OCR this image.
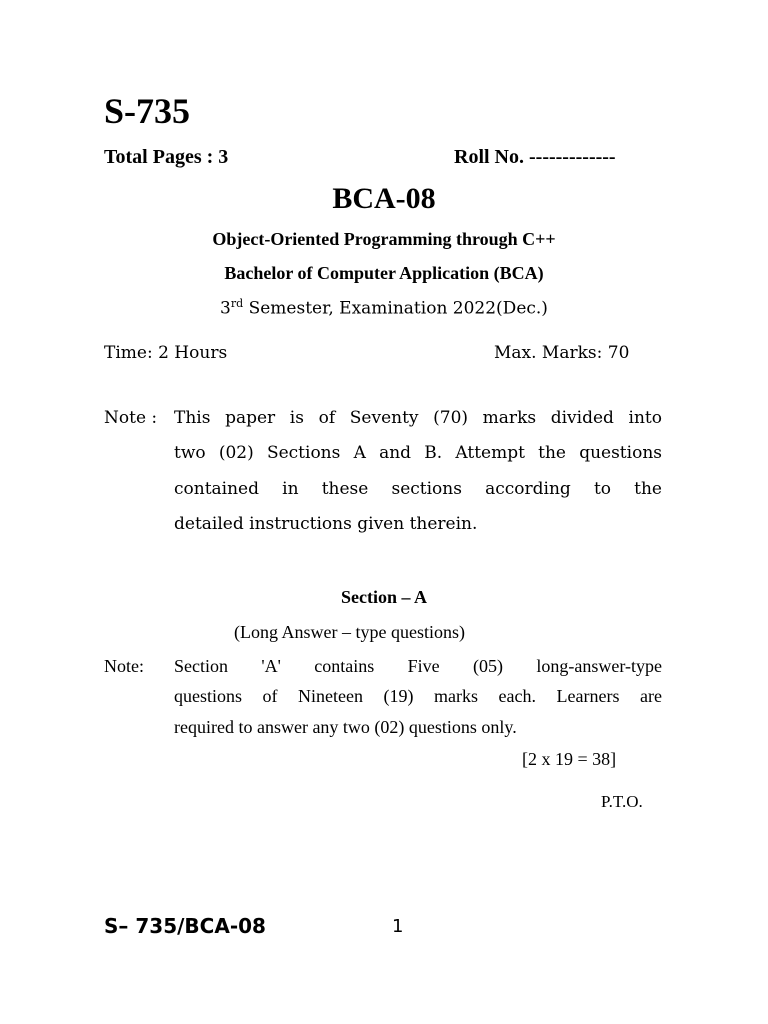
S-735
Total Pages : 3	Roll No. -------------
BCA-08
Object-Oriented Programming through C++
Bachelor of Computer Application (BCA)
3rd Semester, Examination 2022(Dec.)
Time: 2 Hours	Max. Marks: 70
Note : This paper is of Seventy (70) marks divided into
two (02) Sections A and B. Attempt the questions
contained in these sections according to the
detailed instructions given therein.
Section – A
(Long Answer – type questions)
Note: Section 'A' contains Five (05) long-answer-type
questions of Nineteen (19) marks each. Learners are
required to answer any two (02) questions only.
[2 x 19 = 38]
P.T.O.
S– 735/BCA-08	1
